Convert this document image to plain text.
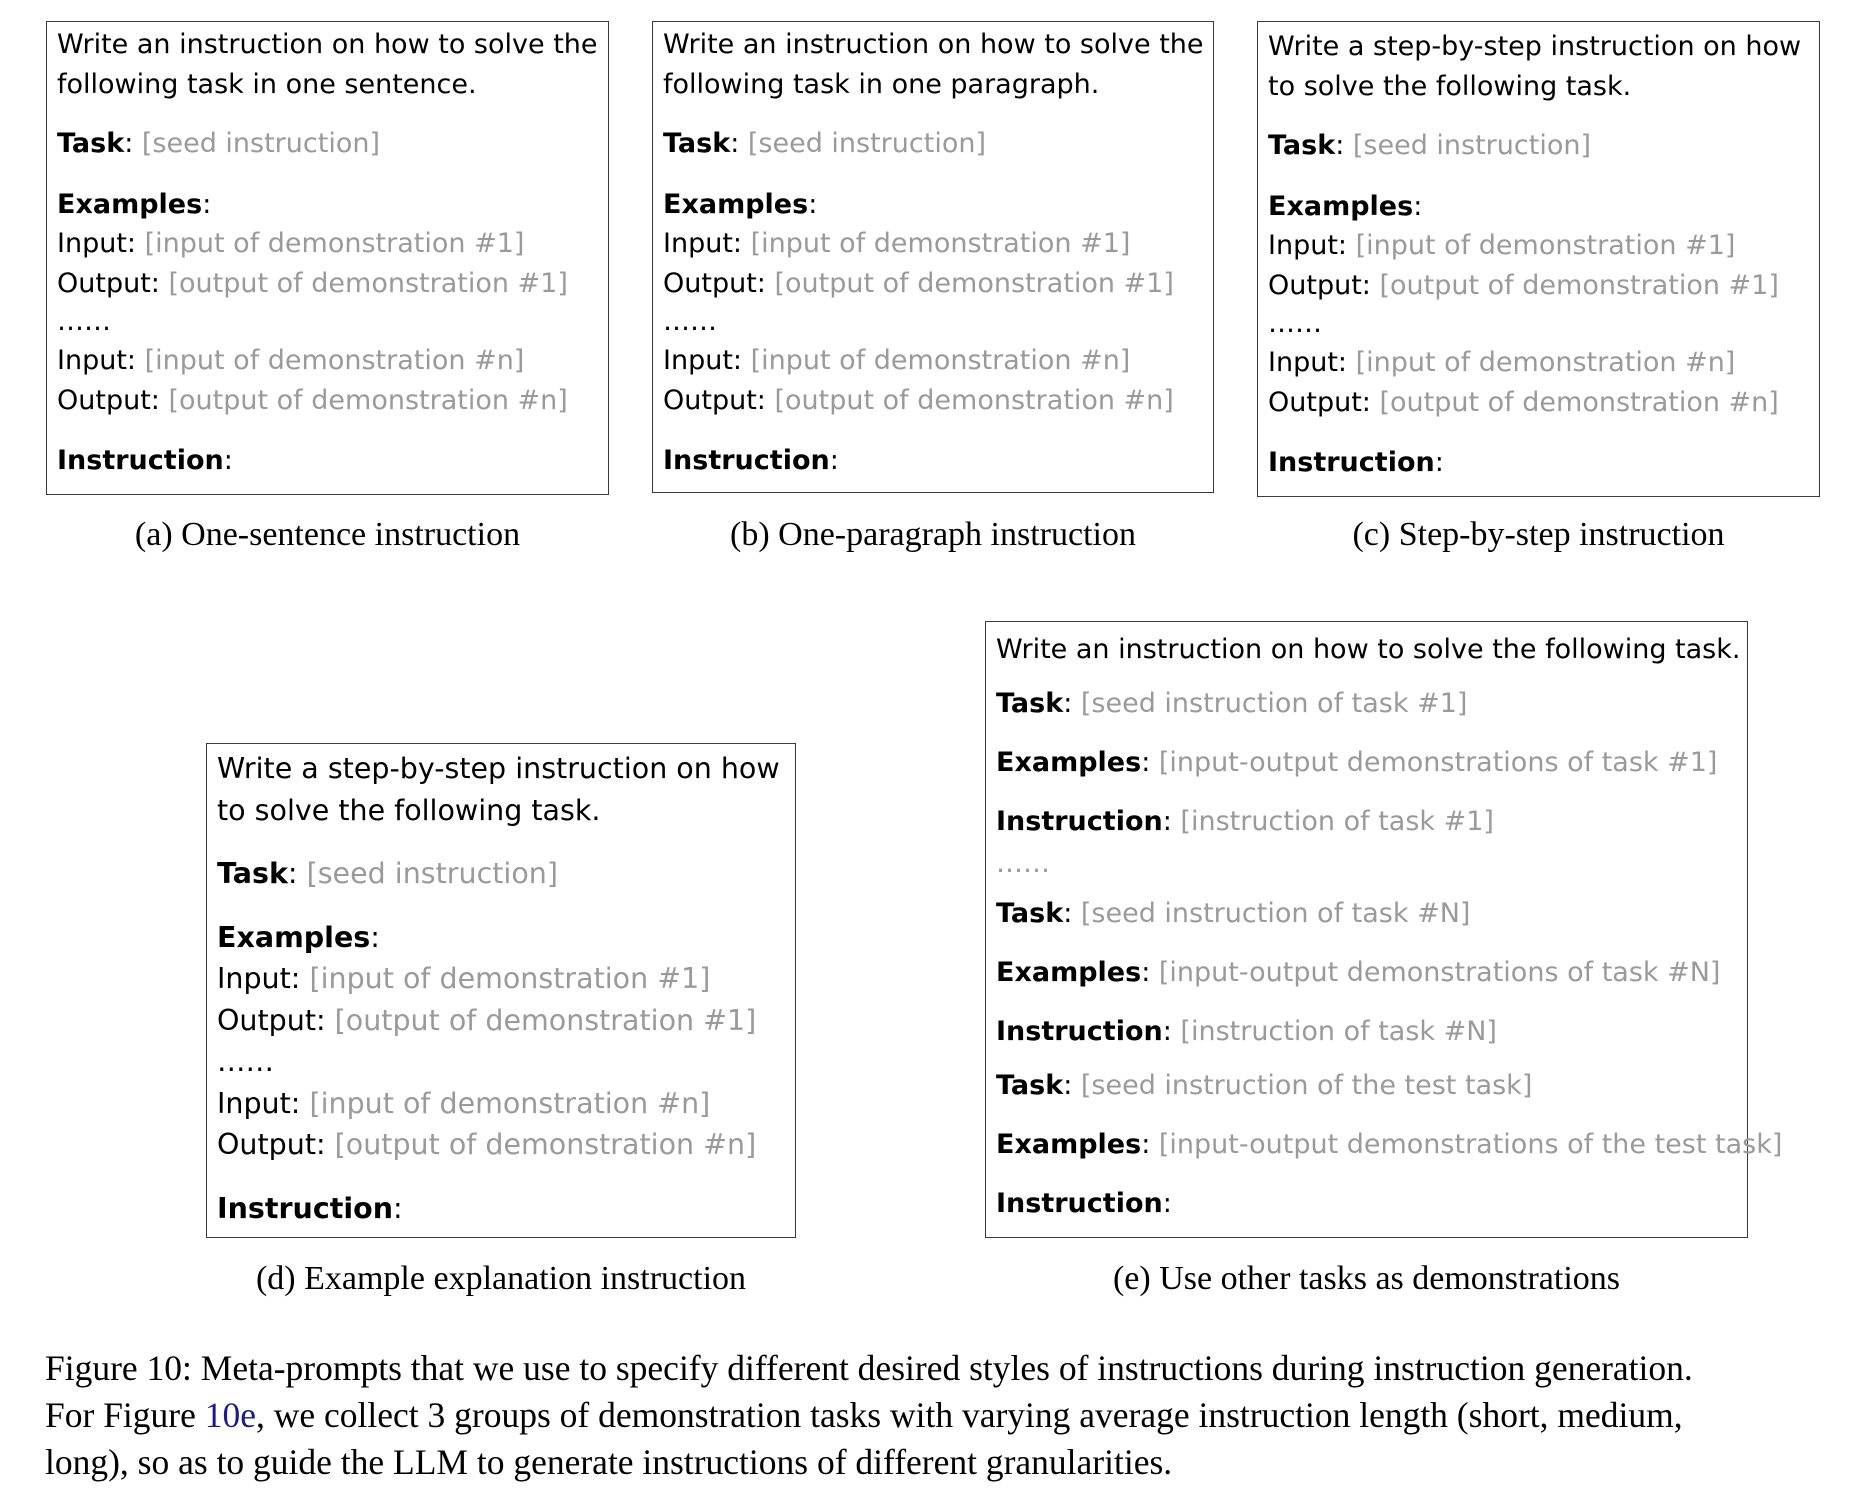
Write an instruction on how to solve the
following task in one sentence.
Task: [seed instruction]
Examples:
Input: [input of demonstration #1]
Output: [output of demonstration #1]
……
Input: [input of demonstration #n]
Output: [output of demonstration #n]
Instruction:
(a) One-sentence instruction
Write an instruction on how to solve the
following task in one paragraph.
Task: [seed instruction]
Examples:
Input: [input of demonstration #1]
Output: [output of demonstration #1]
……
Input: [input of demonstration #n]
Output: [output of demonstration #n]
Instruction:
(b) One-paragraph instruction
Write a step-by-step instruction on how
to solve the following task.
Task: [seed instruction]
Examples:
Input: [input of demonstration #1]
Output: [output of demonstration #1]
……
Input: [input of demonstration #n]
Output: [output of demonstration #n]
Instruction:
(c) Step-by-step instruction
Write a step-by-step instruction on how
to solve the following task.
Task: [seed instruction]
Examples:
Input: [input of demonstration #1]
Output: [output of demonstration #1]
……
Input: [input of demonstration #n]
Output: [output of demonstration #n]
Instruction:
(d) Example explanation instruction
Write an instruction on how to solve the following task.
Task: [seed instruction of task #1]
Examples: [input-output demonstrations of task #1]
Instruction: [instruction of task #1]
……
Task: [seed instruction of task #N]
Examples: [input-output demonstrations of task #N]
Instruction: [instruction of task #N]
Task: [seed instruction of the test task]
Examples: [input-output demonstrations of the test task]
Instruction:
(e) Use other tasks as demonstrations
Figure 10: Meta-prompts that we use to specify different desired styles of instructions during instruction generation.
For Figure 10e, we collect 3 groups of demonstration tasks with varying average instruction length (short, medium,
long), so as to guide the LLM to generate instructions of different granularities.
